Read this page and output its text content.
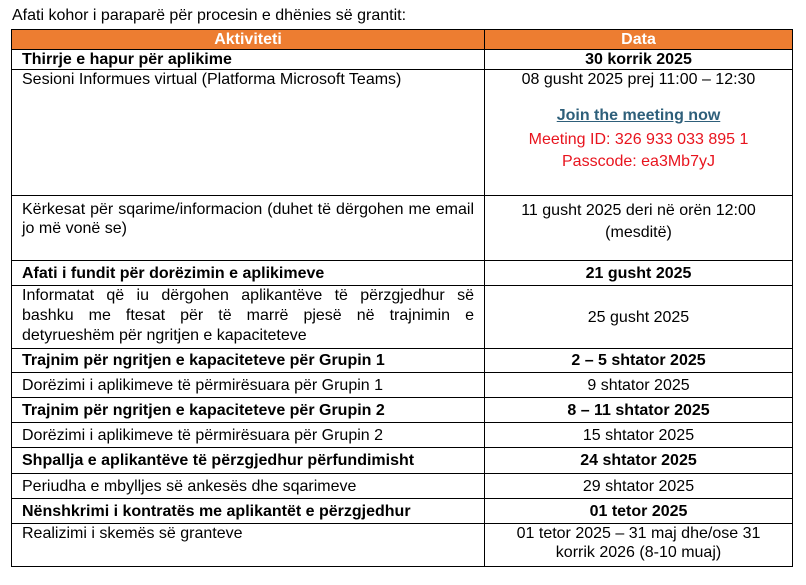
Afati kohor i paraparë për procesin e dhënies së grantit:
Aktiviteti	Data
Thirrje e hapur për aplikime	30 korrik 2025
Sesioni Informues virtual (Platforma Microsoft Teams)	08 gusht 2025 prej 11:00 – 12:30
Join the meeting now
Meeting ID: 326 933 033 895 1
Passcode: ea3Mb7yJ

Kërkesat për sqarime/informacion (duhet të dërgohen me email jo më vonë se)	11 gusht 2025 deri në orën 12:00 (mesditë)
Afati i fundit për dorëzimin e aplikimeve	21 gusht 2025
Informatat që iu dërgohen aplikantëve të përzgjedhur së bashku me ftesat për të marrë pjesë në trajnimin e detyrueshëm për ngritjen e kapaciteteve	25 gusht 2025
Trajnim për ngritjen e kapaciteteve për Grupin 1	2 – 5 shtator 2025
Dorëzimi i aplikimeve të përmirësuara për Grupin 1	9 shtator 2025
Trajnim për ngritjen e kapaciteteve për Grupin 2	8 – 11 shtator 2025
Dorëzimi i aplikimeve të përmirësuara për Grupin 2	15 shtator 2025
Shpallja e aplikantëve të përzgjedhur përfundimisht	24 shtator 2025
Periudha e mbylljes së ankesës dhe sqarimeve	29 shtator 2025
Nënshkrimi i kontratës me aplikantët e përzgjedhur	01 tetor 2025
Realizimi i skemës së granteve	01 tetor 2025 – 31 maj dhe/ose 31 korrik 2026 (8-10 muaj)
